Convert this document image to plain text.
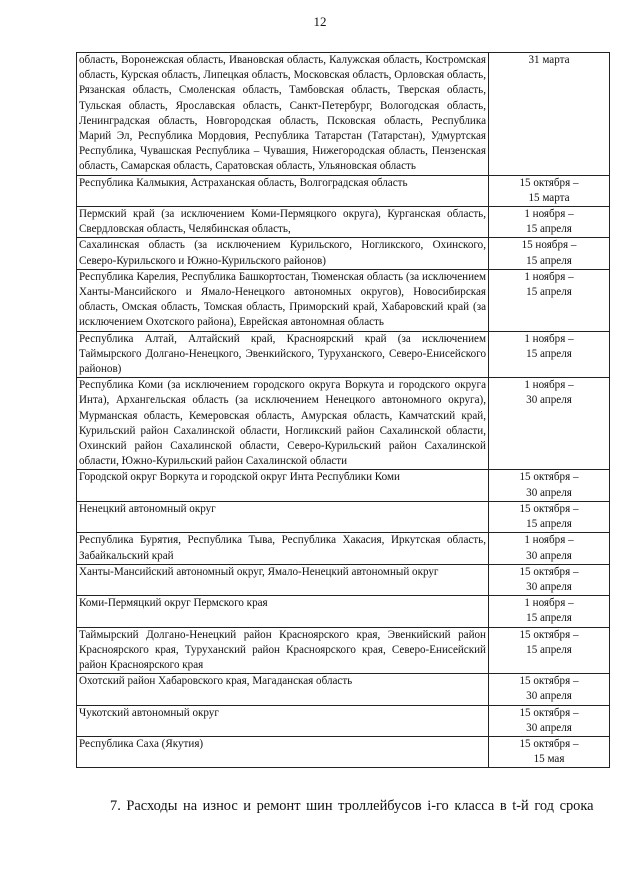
12
область, Воронежская область, Ивановская область, Калужская область, Костромская область, Курская область, Липецкая область, Московская область, Орловская область, Рязанская область, Смоленская область, Тамбовская область, Тверская область, Тульская область, Ярославская область, Санкт-Петербург, Вологодская область, Ленинградская область, Новгородская область, Псковская область, Республика Марий Эл, Республика Мордовия, Республика Татарстан (Татарстан), Удмуртская Республика, Чувашская Республика – Чувашия, Нижегородская область, Пензенская область, Самарская область, Саратовская область, Ульяновская область	31 марта

Республика Калмыкия, Астраханская область, Волгоградская область	15 октября –
15 марта

Пермский край (за исключением Коми-Пермяцкого округа), Курганская область, Свердловская область, Челябинская область,	1 ноября –
15 апреля

Сахалинская область (за исключением Курильского, Ногликского, Охинского, Северо-Курильского и Южно-Курильского районов)	15 ноября –
15 апреля

Республика Карелия, Республика Башкортостан, Тюменская область (за исключением Ханты-Мансийского и Ямало-Ненецкого автономных округов), Новосибирская область, Омская область, Томская область, Приморский край, Хабаровский край (за исключением Охотского района), Еврейская автономная область	1 ноября –
15 апреля

Республика Алтай, Алтайский край, Красноярский край (за исключением Таймырского Долгано-Ненецкого, Эвенкийского, Туруханского, Северо-Енисейского районов)	1 ноября –
15 апреля

Республика Коми (за исключением городского округа Воркута и городского округа Инта), Архангельская область (за исключением Ненецкого автономного округа), Мурманская область, Кемеровская область, Амурская область, Камчатский край, Курильский район Сахалинской области, Ногликский район Сахалинской области, Охинский район Сахалинской области, Северо-Курильский район Сахалинской области, Южно-Курильский район Сахалинской области	1 ноября –
30 апреля

Городской округ Воркута и городской округ Инта Республики Коми	15 октября –
30 апреля

Ненецкий автономный округ	15 октября –
15 апреля

Республика Бурятия, Республика Тыва, Республика Хакасия, Иркутская область, Забайкальский край	1 ноября –
30 апреля

Ханты-Мансийский автономный округ, Ямало-Ненецкий автономный округ	15 октября –
30 апреля

Коми-Пермяцкий округ Пермского края	1 ноября –
15 апреля

Таймырский Долгано-Ненецкий район Красноярского края, Эвенкийский район Красноярского края, Туруханский район Красноярского края, Северо-Енисейский район Красноярского края	15 октября –
15 апреля

Охотский район Хабаровского края, Магаданская область	15 октября –
30 апреля

Чукотский автономный округ	15 октября –
30 апреля

Республика Саха (Якутия)	15 октября –
15 мая
7. Расходы на износ и ремонт шин троллейбусов i-го класса в t-й год срока
